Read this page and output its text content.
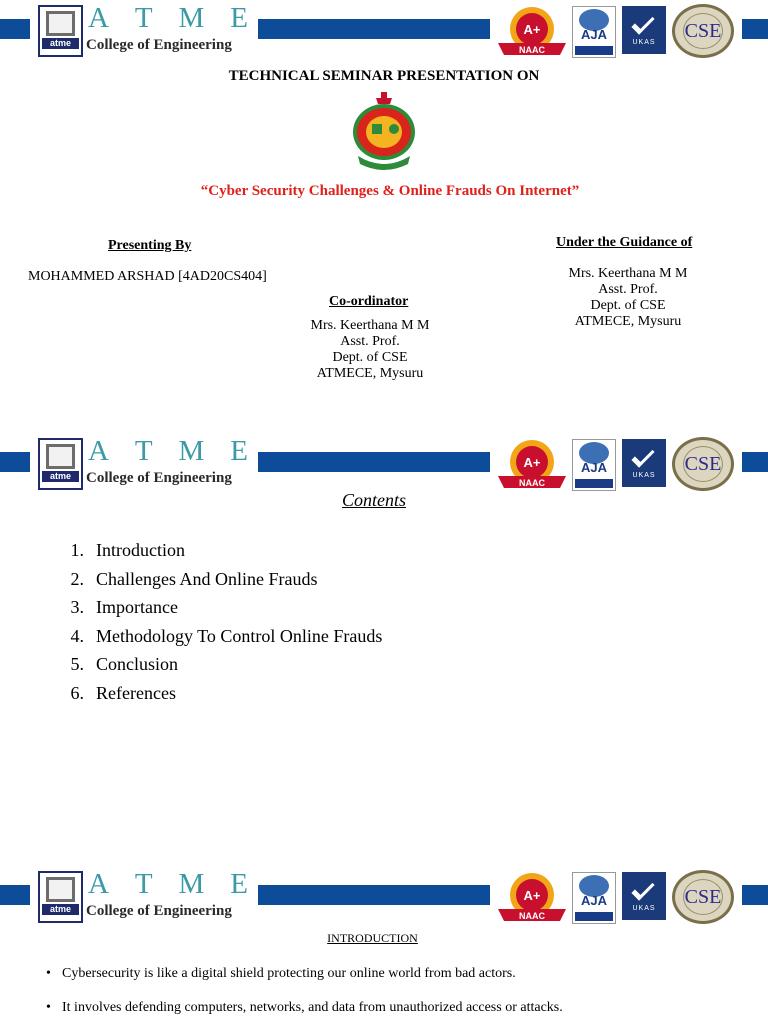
atme
A T M E
College of Engineering
A+
NAAC
AJA
UKAS
CSE
TECHNICAL SEMINAR PRESENTATION ON
“Cyber Security Challenges & Online Frauds On Internet”
Presenting By
MOHAMMED ARSHAD [4AD20CS404]
Under the Guidance of
Mrs. Keerthana M M
Asst. Prof.
Dept. of CSE
ATMECE, Mysuru
Co-ordinator
Mrs. Keerthana M M
Asst. Prof.
Dept. of CSE
ATMECE, Mysuru
atme
A T M E
College of Engineering
A+
NAAC
AJA
UKAS
CSE
Contents
1. Introduction
2. Challenges And Online Frauds
3. Importance
4. Methodology To Control Online Frauds
5. Conclusion
6. References
atme
A T M E
College of Engineering
A+
NAAC
AJA
UKAS
CSE
INTRODUCTION
• Cybersecurity is like a digital shield protecting our online world from bad actors.
• It involves defending computers, networks, and data from unauthorized access or attacks.
